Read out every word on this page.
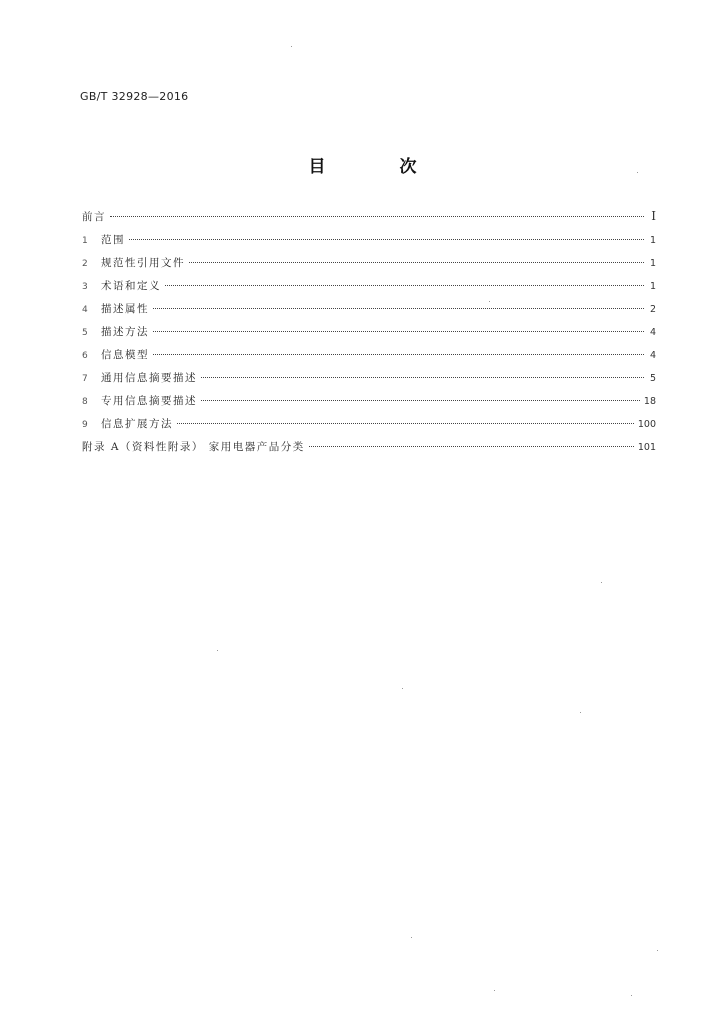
GB/T 32928—2016
目 次
前言	I
1	范围	1
2	规范性引用文件	1
3	术语和定义	1
4	描述属性	2
5	描述方法	4
6	信息模型	4
7	通用信息摘要描述	5
8	专用信息摘要描述	18
9	信息扩展方法	100
附录 A（资料性附录） 家用电器产品分类	101
